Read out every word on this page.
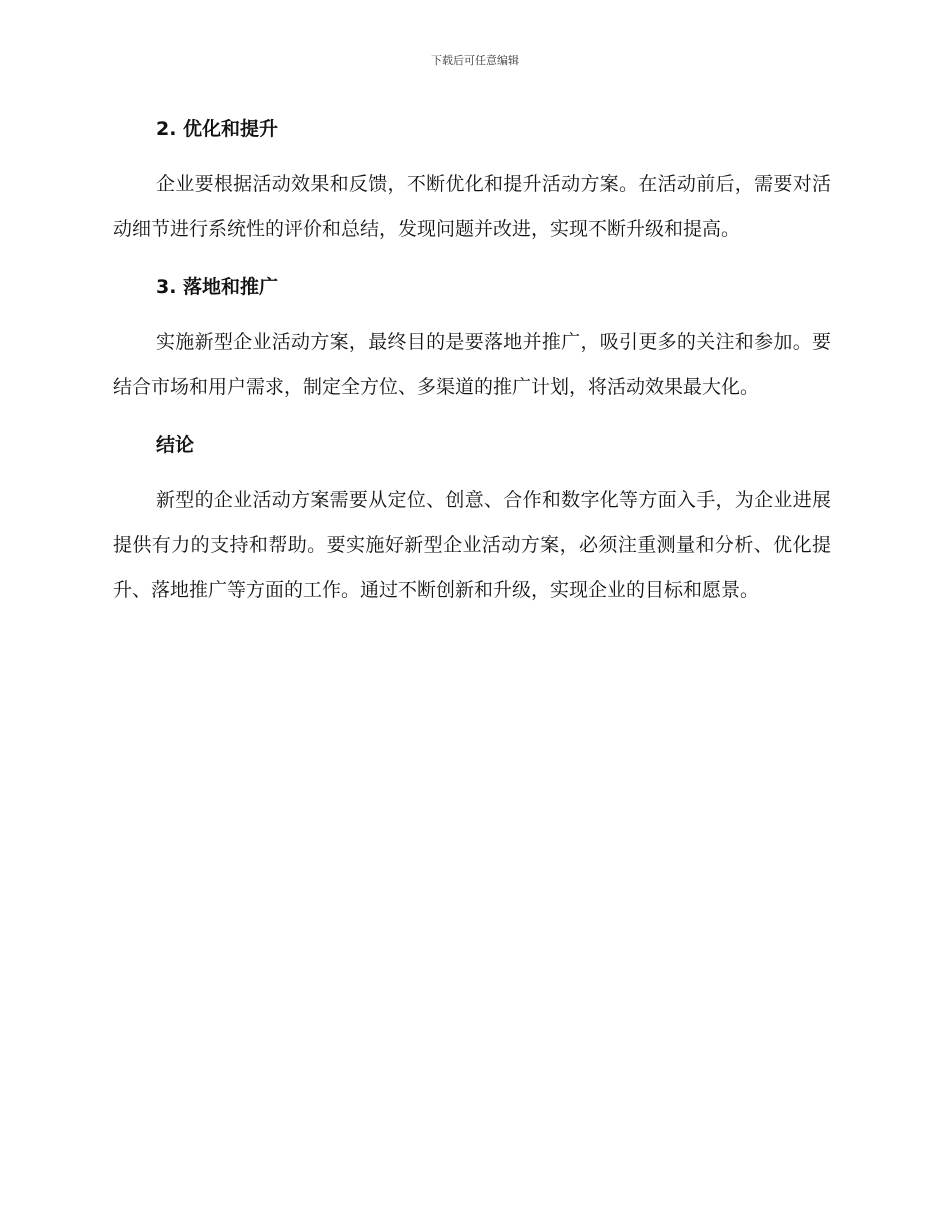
下载后可任意编辑
2. 优化和提升

企业要根据活动效果和反馈，不断优化和提升活动方案。在活动前后，需要对活动细节进行系统性的评价和总结，发现问题并改进，实现不断升级和提高。

3. 落地和推广

实施新型企业活动方案，最终目的是要落地并推广，吸引更多的关注和参加。要结合市场和用户需求，制定全方位、多渠道的推广计划，将活动效果最大化。

结论

新型的企业活动方案需要从定位、创意、合作和数字化等方面入手，为企业进展提供有力的支持和帮助。要实施好新型企业活动方案，必须注重测量和分析、优化提升、落地推广等方面的工作。通过不断创新和升级，实现企业的目标和愿景。
